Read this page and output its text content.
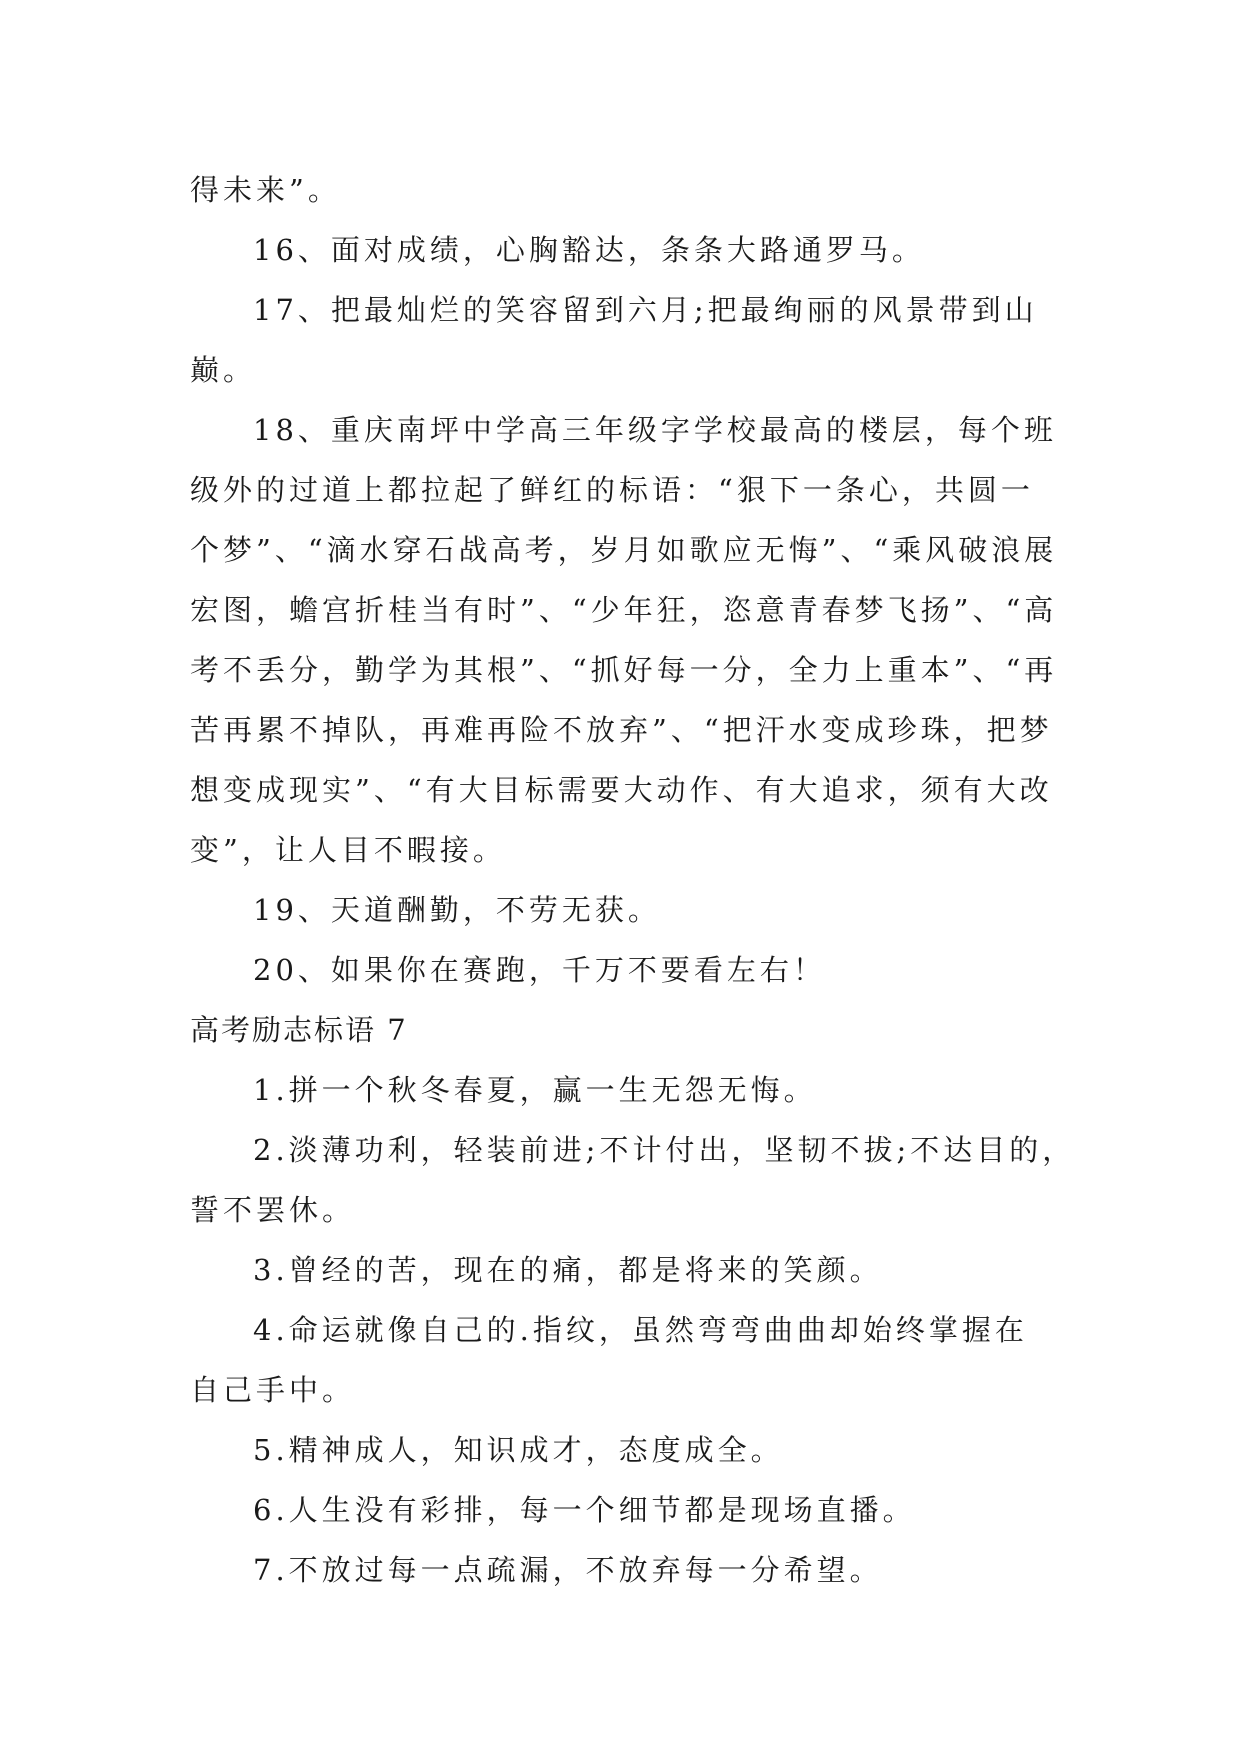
得未来”。
16、面对成绩，心胸豁达，条条大路通罗马。
17、把最灿烂的笑容留到六月;把最绚丽的风景带到山
巅。
18、重庆南坪中学高三年级字学校最高的楼层，每个班
级外的过道上都拉起了鲜红的标语：“狠下一条心，共圆一
个梦”、“滴水穿石战高考，岁月如歌应无悔”、“乘风破浪展
宏图，蟾宫折桂当有时”、“少年狂，恣意青春梦飞扬”、“高
考不丢分，勤学为其根”、“抓好每一分，全力上重本”、“再
苦再累不掉队，再难再险不放弃”、“把汗水变成珍珠，把梦
想变成现实”、“有大目标需要大动作、有大追求，须有大改
变”，让人目不暇接。
19、天道酬勤，不劳无获。
20、如果你在赛跑，千万不要看左右！
高考励志标语 7
1.拼一个秋冬春夏，赢一生无怨无悔。
2.淡薄功利，轻装前进;不计付出，坚韧不拔;不达目的，
誓不罢休。
3.曾经的苦，现在的痛，都是将来的笑颜。
4.命运就像自己的.指纹，虽然弯弯曲曲却始终掌握在
自己手中。
5.精神成人，知识成才，态度成全。
6.人生没有彩排，每一个细节都是现场直播。
7.不放过每一点疏漏，不放弃每一分希望。
